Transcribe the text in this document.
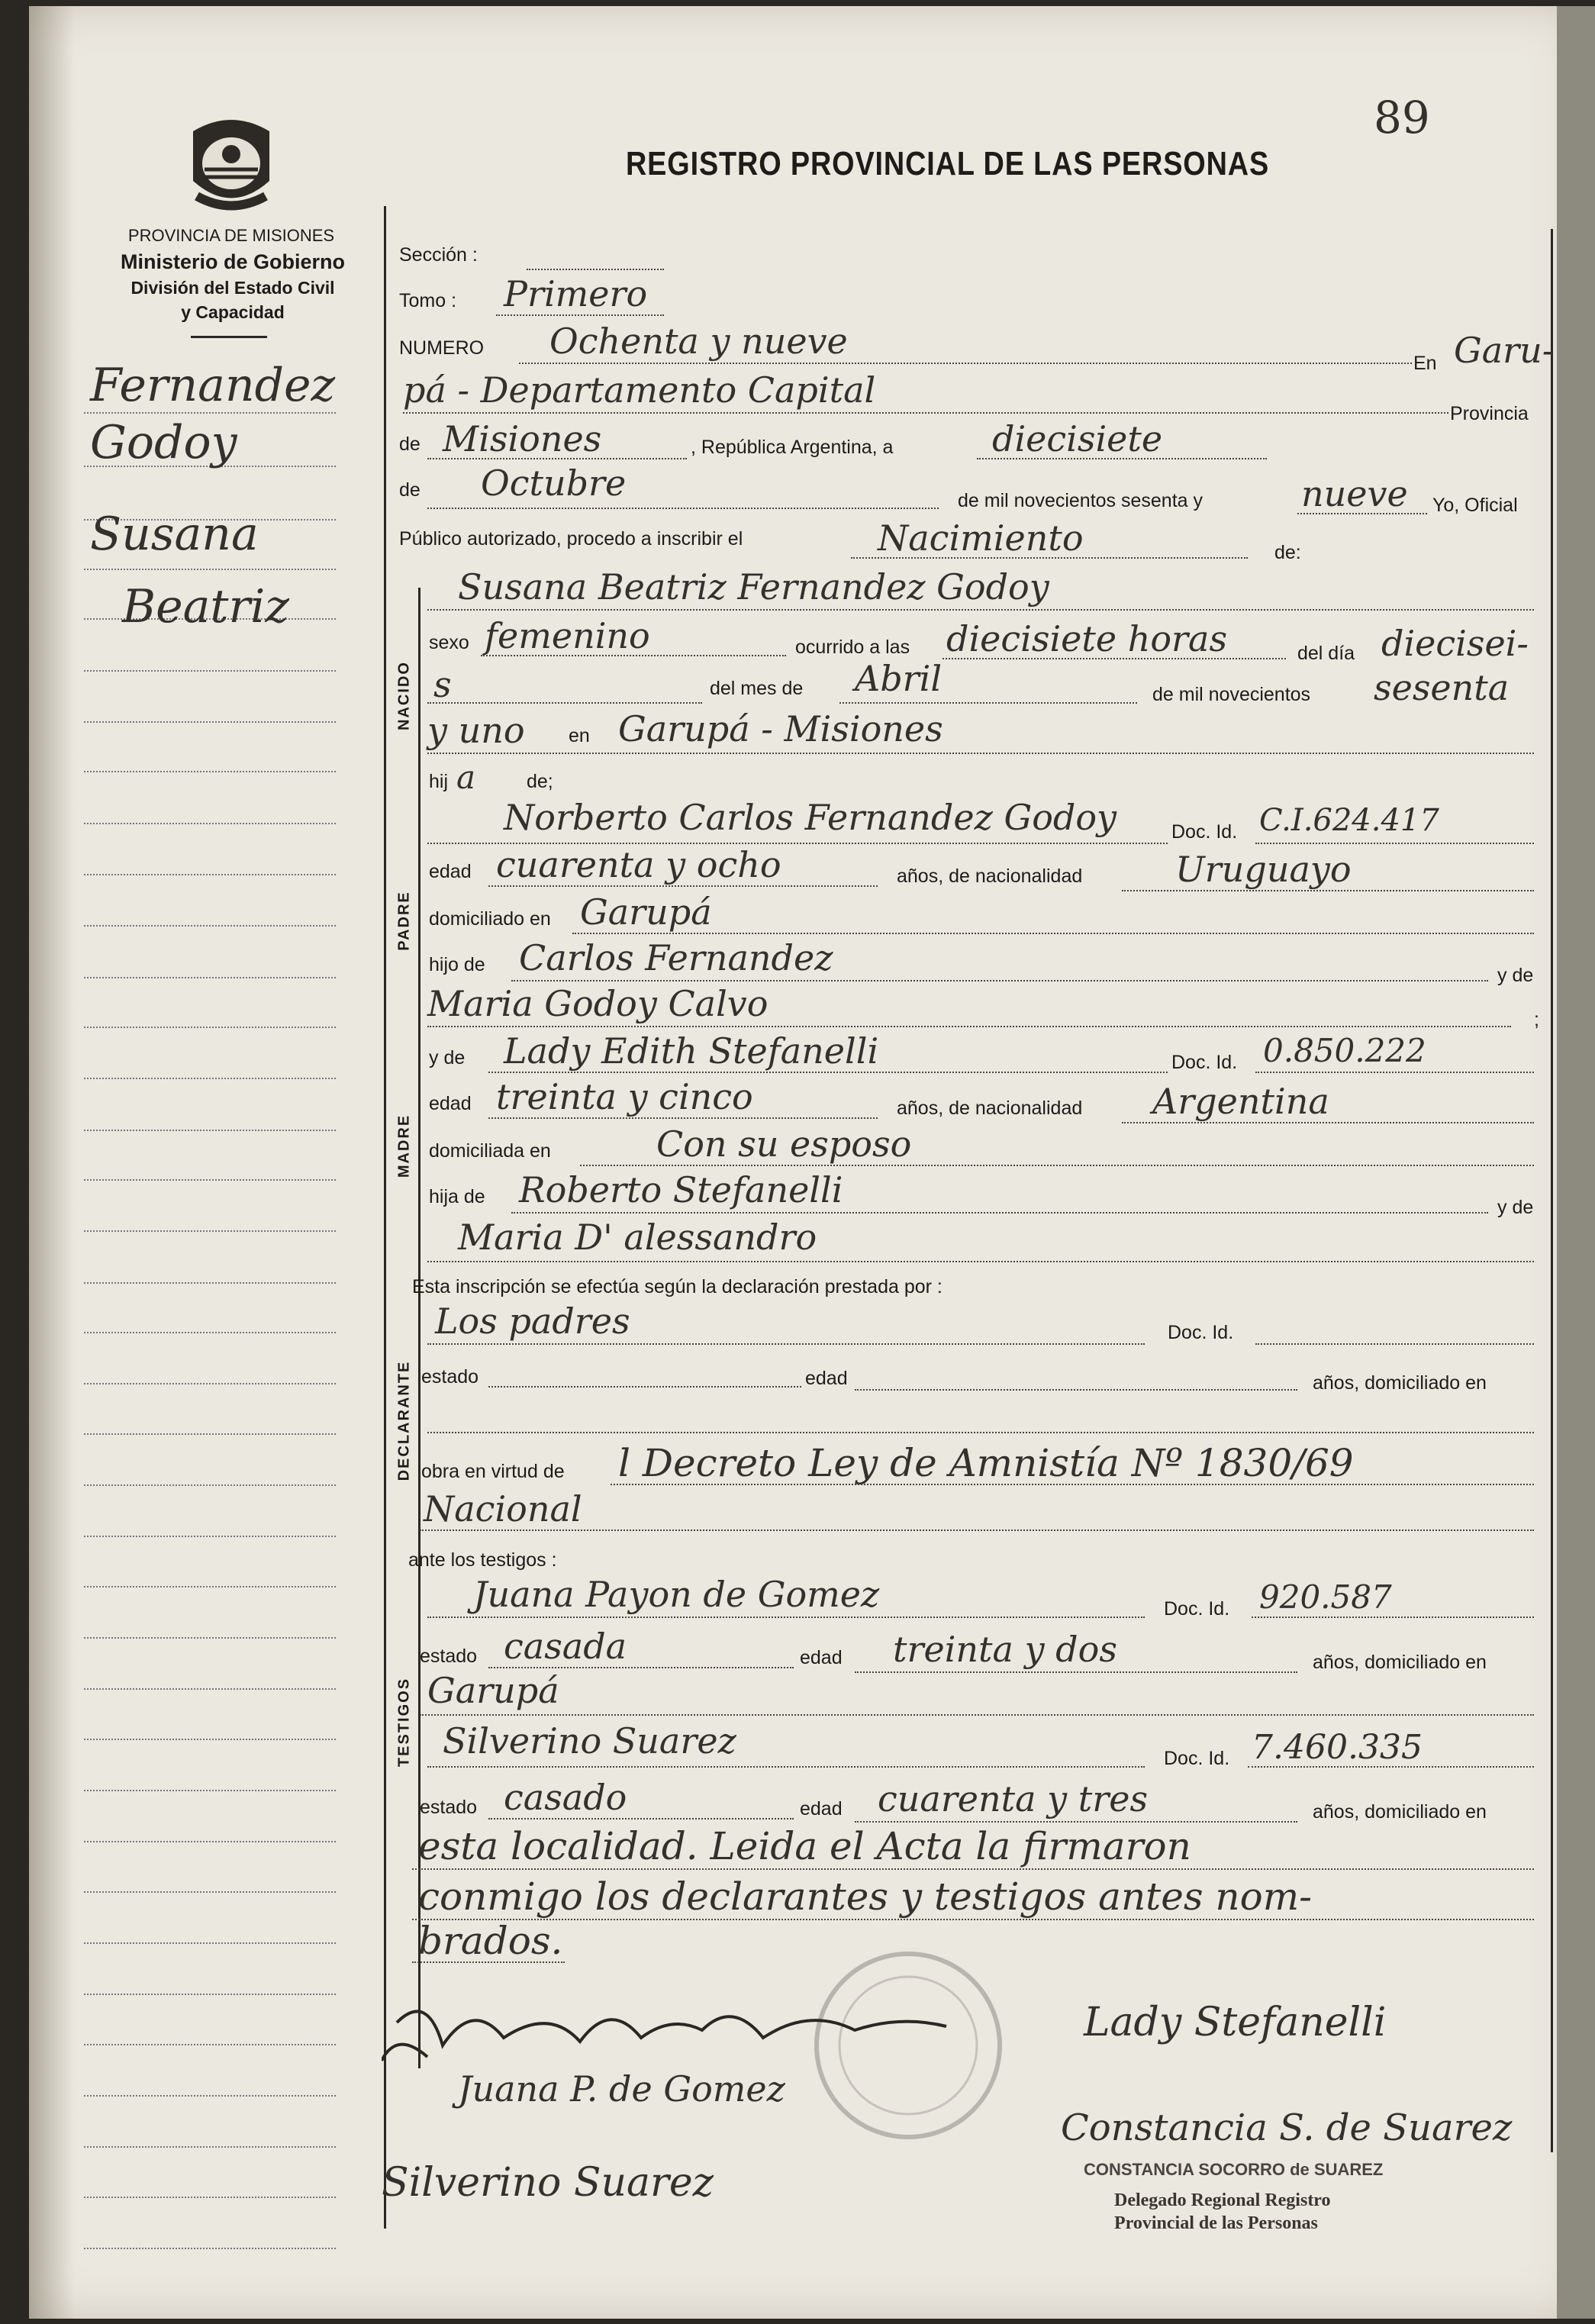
89
REGISTRO PROVINCIAL DE LAS PERSONAS
PROVINCIA DE MISIONES
Ministerio de Gobierno
División del Estado Civil
y Capacidad
Fernandez
Godoy
Susana
Beatriz
NACIDO
PADRE
MADRE
DECLARANTE
TESTIGOS
Sección :
Tomo : Primero
NUMERO Ochenta y nueve
En Garu-
pá - Departamento Capital
Provincia
de Misiones	, República Argentina, a	diecisiete
de Octubre	de mil novecientos sesenta y	nueve Yo, Oficial
Público autorizado, procedo a inscribir el	Nacimiento	de:
Susana Beatriz Fernandez Godoy
sexo femenino	ocurrido a las diecisiete horas	del día diecisei-
s	del mes de Abril	de mil novecientos sesenta
y uno en Garupá - Misiones
hij a	de;
Norberto Carlos Fernandez Godoy	Doc. Id. C.I.624.417
edad cuarenta y ocho	años, de nacionalidad	Uruguayo
domiciliado en Garupá
hijo de Carlos Fernandez	y de
Maria Godoy Calvo	;
y de Lady Edith Stefanelli	Doc. Id. 0.850.222
edad treinta y cinco	años, de nacionalidad Argentina
domiciliada en	Con su esposo
hija de Roberto Stefanelli	y de
Maria D' alessandro
Esta inscripción se efectúa según la declaración prestada por :
Los padres	Doc. Id.
estado	edad	años, domiciliado en
obra en virtud de l Decreto Ley de Amnistía Nº 1830/69
Nacional
ante los testigos :
Juana Payon de Gomez	Doc. Id. 920.587
estado casada	edad treinta y dos	años, domiciliado en
Garupá
Silverino Suarez	Doc. Id. 7.460.335
estado casado	edad cuarenta y tres	años, domiciliado en
esta localidad. Leida el Acta la firmaron
conmigo los declarantes y testigos antes nom-
brados.
Juana P. de Gomez
Silverino Suarez
Lady Stefanelli
Constancia S. de Suarez
CONSTANCIA SOCORRO de SUAREZ
Delegado Regional Registro
Provincial de las Personas
